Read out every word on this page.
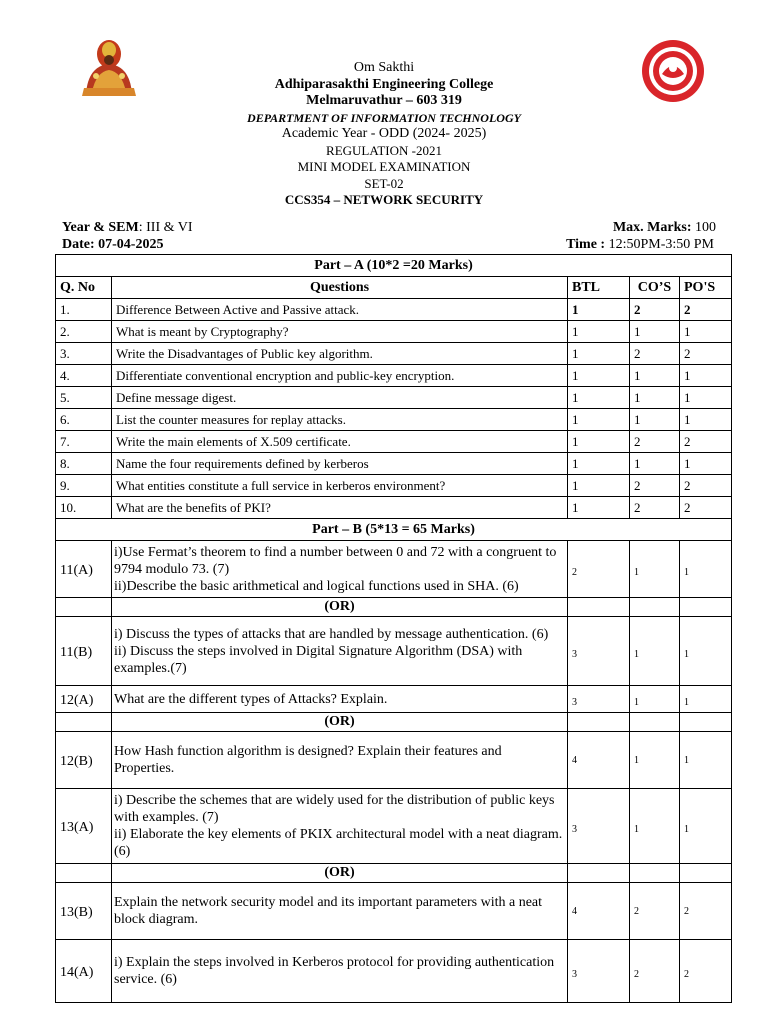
Om Sakthi
Adhiparasakthi Engineering College
Melmaruvathur – 603 319
DEPARTMENT OF INFORMATION TECHNOLOGY
Academic Year - ODD (2024- 2025)
REGULATION -2021
MINI MODEL EXAMINATION
SET-02
CCS354 – NETWORK SECURITY
Year & SEM: III & VI	Max. Marks: 100
Date: 07-04-2025	Time : 12:50PM-3:50 PM
Part – A (10*2 =20 Marks)				
Q. No	Questions	BTL	CO’S	PO'S
1.	Difference Between Active and Passive attack.	1	2	2
2.	What is meant by Cryptography?	1	1	1
3.	Write the Disadvantages of Public key algorithm.	1	2	2
4.	Differentiate conventional encryption and public-key encryption.	1	1	1
5.	Define message digest.	1	1	1
6.	List the counter measures for replay attacks.	1	1	1
7.	Write the main elements of X.509 certificate.	1	2	2
8.	Name the four requirements defined by kerberos	1	1	1
9.	What entities constitute a full service in kerberos environment?	1	2	2
10.	What are the benefits of PKI?	1	2	2
Part – B (5*13 = 65 Marks)				
11(A)	i)Use Fermat’s theorem to find a number between 0 and 72 with a congruent to 9794 modulo 73. (7)
ii)Describe the basic arithmetical and logical functions used in SHA. (6)	2	1	1
	(OR)			
11(B)	i) Discuss the types of attacks that are handled by message authentication. (6)
ii) Discuss the steps involved in Digital Signature Algorithm (DSA) with examples.(7)	3	1	1
12(A)	What are the different types of Attacks? Explain.	3	1	1
	(OR)			
12(B)	How Hash function algorithm is designed? Explain their features and Properties.	4	1	1
13(A)	i) Describe the schemes that are widely used for the distribution of public keys with examples. (7)
ii) Elaborate the key elements of PKIX architectural model with a neat diagram. (6)	3	1	1
	(OR)			
13(B)	Explain the network security model and its important parameters with a neat block diagram.	4	2	2
14(A)	i) Explain the steps involved in Kerberos protocol for providing authentication service. (6)	3	2	2
